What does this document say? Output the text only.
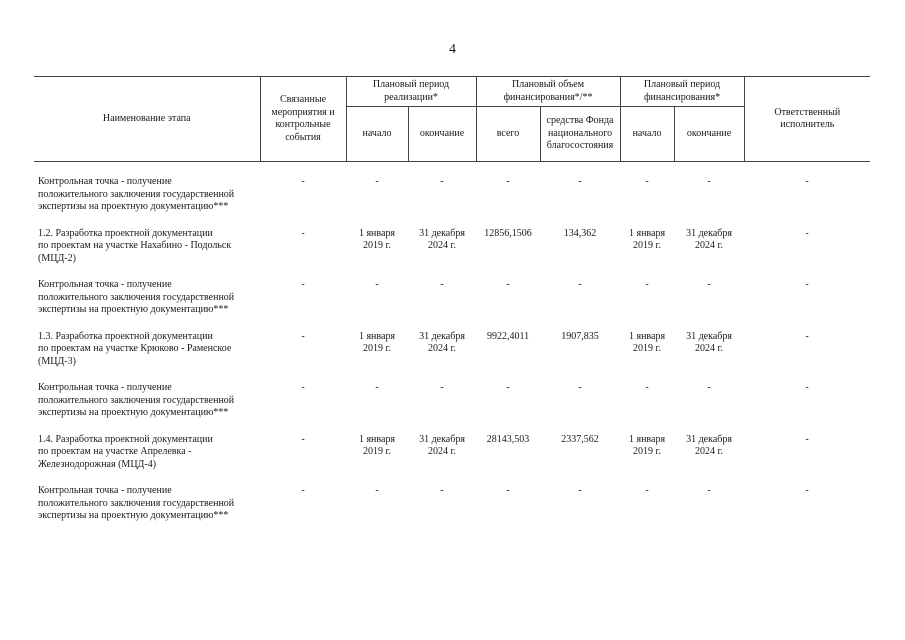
4
Наименование этапа	Связанные мероприятия и контрольные события	Плановый период реализации*		Плановый объем финансирования*/**		Плановый период финансирования*		Ответственный исполнитель
		начало	окончание	всего	средства Фонда национального благосостояния	начало	окончание	
Контрольная точка - получение
положительного заключения государственной
экспертизы на проектную документацию***	-	-	-	-	-	-	-	-

1.2. Разработка проектной документации
по проектам на участке Нахабино - Подольск
(МЦД-2)	-	1 января
2019 г.	31 декабря
2024 г.	12856,1506	134,362	1 января
2019 г.	31 декабря
2024 г.	-

Контрольная точка - получение
положительного заключения государственной
экспертизы на проектную документацию***	-	-	-	-	-	-	-	-

1.3. Разработка проектной документации
по проектам на участке Крюково - Раменское
(МЦД-3)	-	1 января
2019 г.	31 декабря
2024 г.	9922,4011	1907,835	1 января
2019 г.	31 декабря
2024 г.	-

Контрольная точка - получение
положительного заключения государственной
экспертизы на проектную документацию***	-	-	-	-	-	-	-	-

1.4. Разработка проектной документации
по проектам на участке Апрелевка -
Железнодорожная (МЦД-4)	-	1 января
2019 г.	31 декабря
2024 г.	28143,503	2337,562	1 января
2019 г.	31 декабря
2024 г.	-

Контрольная точка - получение
положительного заключения государственной
экспертизы на проектную документацию***	-	-	-	-	-	-	-	-
